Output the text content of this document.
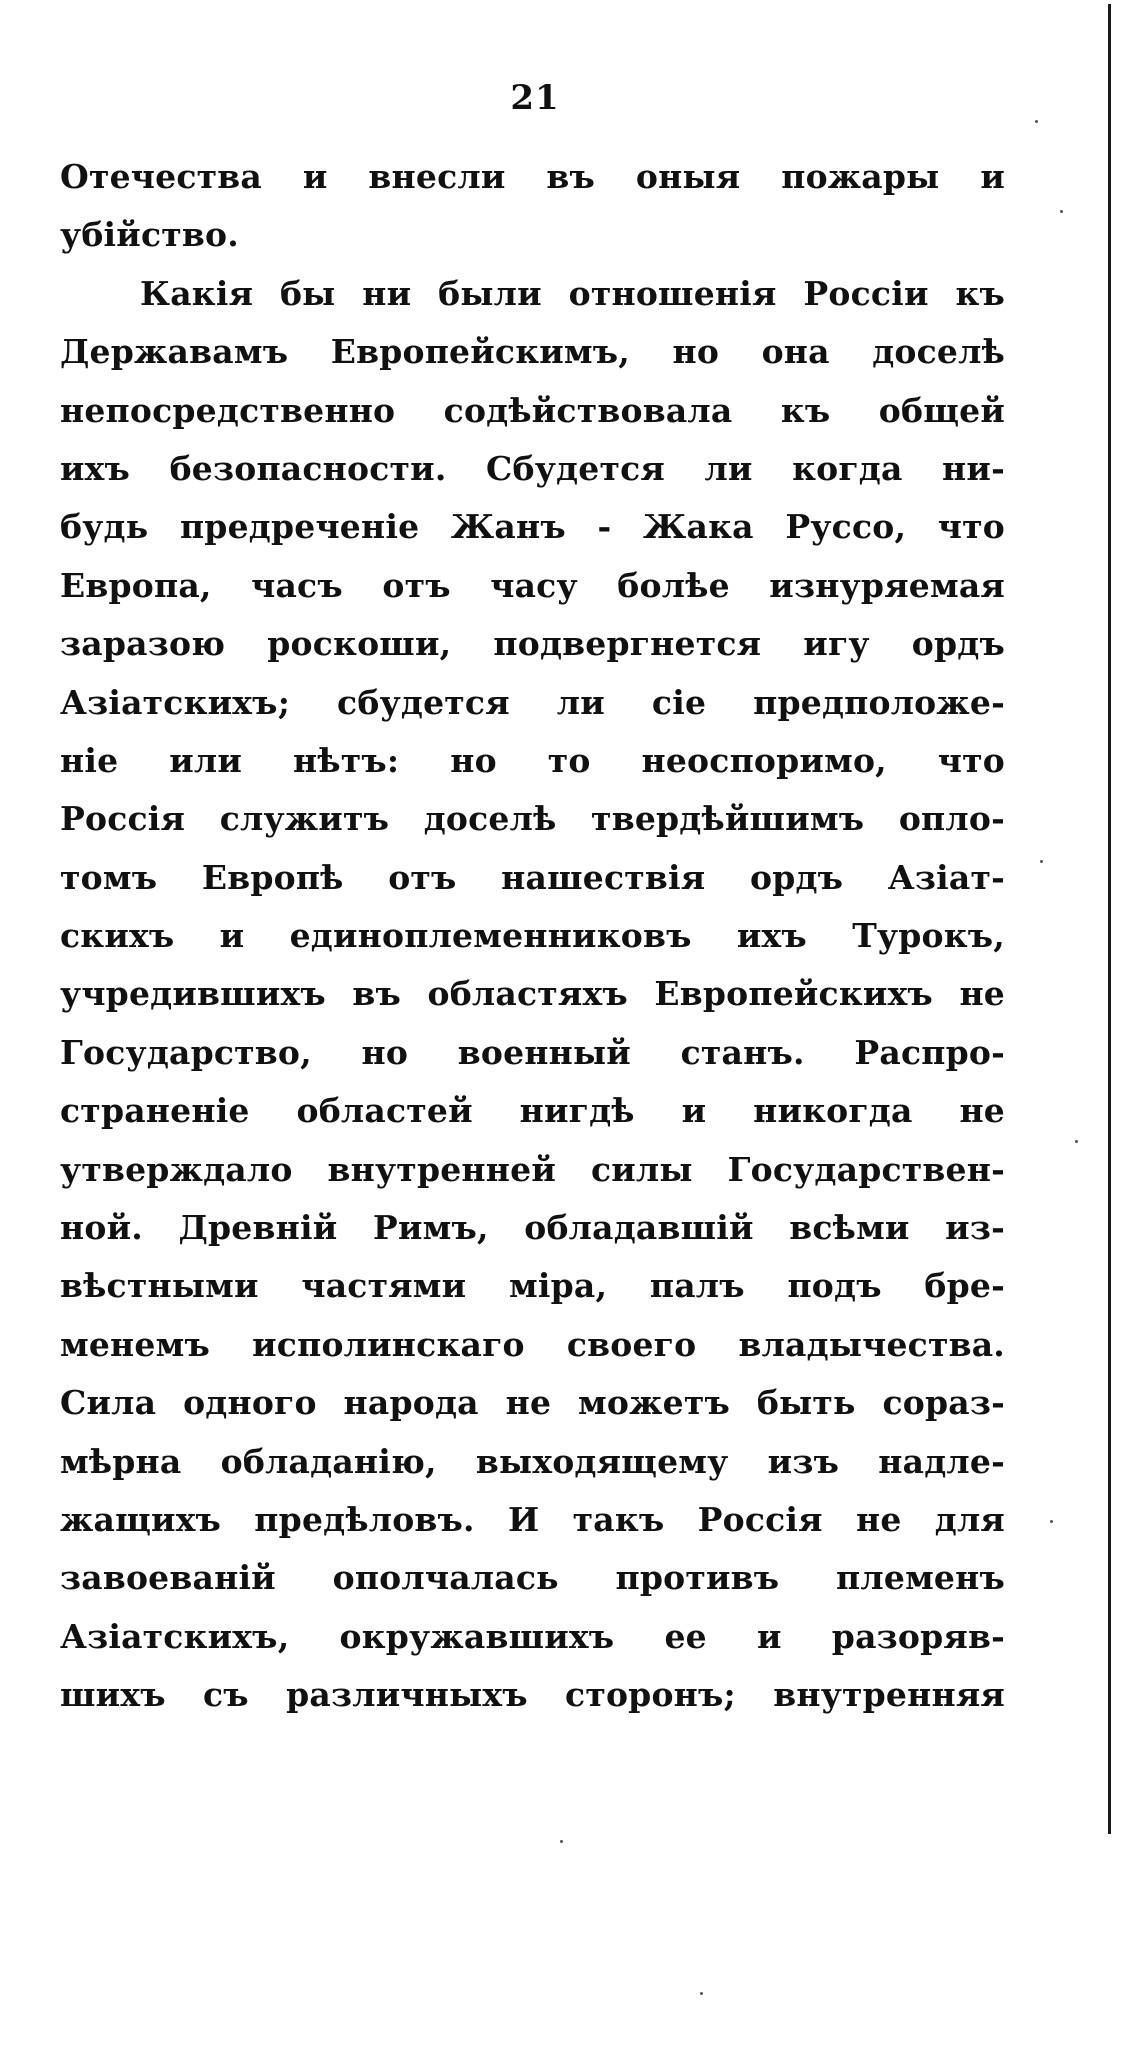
21
Отечества и внесли въ оныя пожары и
убійство.
Какія бы ни были отношенія Россіи къ
Державамъ Европейскимъ, но она доселѣ
непосредственно содѣйствовала къ общей
ихъ безопасности. Сбудется ли когда ни-
будь предреченіе Жанъ - Жака Руссо, что
Европа, часъ отъ часу болѣе изнуряемая
заразою роскоши, подвергнется игу ордъ
Азіатскихъ; сбудется ли сіе предположе-
ніе или нѣтъ: но то неоспоримо, что
Россія служитъ доселѣ твердѣйшимъ опло-
томъ Европѣ отъ нашествія ордъ Азіат-
скихъ и единоплеменниковъ ихъ Турокъ,
учредившихъ въ областяхъ Европейскихъ не
Государство, но военный станъ. Распро-
страненіе областей нигдѣ и никогда не
утверждало внутренней силы Государствен-
ной. Древній Римъ, обладавшій всѣми из-
вѣстными частями міра, палъ подъ бре-
менемъ исполинскаго своего владычества.
Сила одного народа не можетъ быть сораз-
мѣрна обладанію, выходящему изъ надле-
жащихъ предѣловъ. И такъ Россія не для
завоеваній ополчалась противъ племенъ
Азіатскихъ, окружавшихъ ее и разоряв-
шихъ съ различныхъ сторонъ; внутренняя
